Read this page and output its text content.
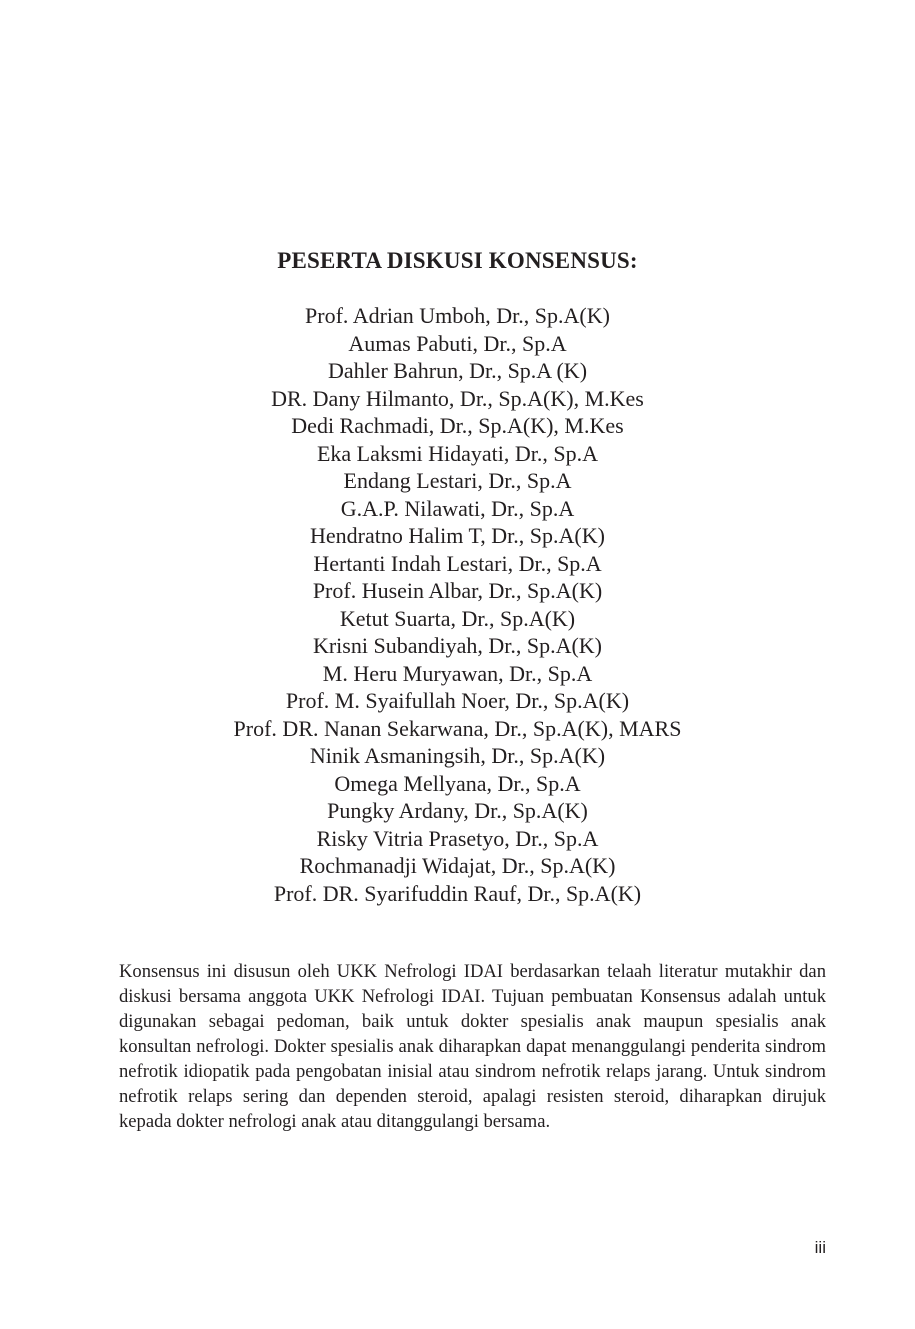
PESERTA DISKUSI KONSENSUS:
Prof. Adrian Umboh, Dr., Sp.A(K)
Aumas Pabuti, Dr., Sp.A
Dahler Bahrun, Dr., Sp.A (K)
DR. Dany Hilmanto, Dr., Sp.A(K), M.Kes
Dedi Rachmadi, Dr., Sp.A(K), M.Kes
Eka Laksmi Hidayati, Dr., Sp.A
Endang Lestari, Dr., Sp.A
G.A.P. Nilawati, Dr., Sp.A
Hendratno Halim T, Dr., Sp.A(K)
Hertanti Indah Lestari, Dr., Sp.A
Prof. Husein Albar, Dr., Sp.A(K)
Ketut Suarta, Dr., Sp.A(K)
Krisni Subandiyah, Dr., Sp.A(K)
M. Heru Muryawan, Dr., Sp.A
Prof. M. Syaifullah Noer, Dr., Sp.A(K)
Prof. DR. Nanan Sekarwana, Dr., Sp.A(K), MARS
Ninik Asmaningsih, Dr., Sp.A(K)
Omega Mellyana, Dr., Sp.A
Pungky Ardany, Dr., Sp.A(K)
Risky Vitria Prasetyo, Dr., Sp.A
Rochmanadji Widajat, Dr., Sp.A(K)
Prof. DR. Syarifuddin Rauf, Dr., Sp.A(K)

Konsensus ini disusun oleh UKK Nefrologi IDAI berdasarkan telaah literatur mutakhir dan diskusi bersama anggota UKK Nefrologi IDAI. Tujuan pembuatan Konsensus adalah untuk digunakan sebagai pedoman, baik untuk dokter spesialis anak maupun spesialis anak konsultan nefrologi. Dokter spesialis anak diharapkan dapat menanggulangi penderita sindrom nefrotik idiopatik pada pengobatan inisial atau sindrom nefrotik relaps jarang. Untuk sindrom nefrotik relaps sering dan dependen steroid, apalagi resisten steroid, diharapkan dirujuk kepada dokter nefrologi anak atau ditanggulangi bersama.

iii
